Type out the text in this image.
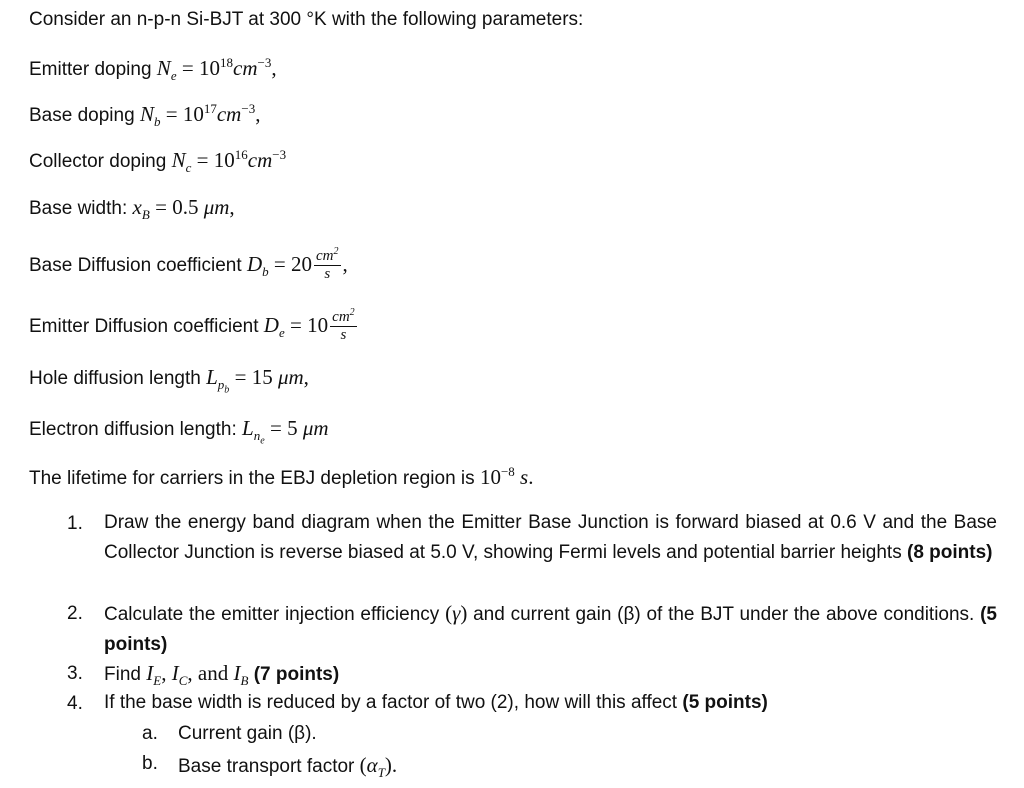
Consider an n-p-n Si-BJT at 300 °K with the following parameters:
Emitter doping $N_e = 10^{18}cm^{-3}$,
Base doping $N_b = 10^{17}cm^{-3}$,
Collector doping $N_c = 10^{16}cm^{-3}$
Base width: $x_B = 0.5$ μm,
Base Diffusion coefficient $D_b = 20 \frac{cm^2}{s}$ ,
Emitter Diffusion coefficient $D_e = 10 \frac{cm^2}{s}$
Hole diffusion length $L_{p_b} = 15$ μm,
Electron diffusion length: $L_{n_e} = 5$ μm
The lifetime for carriers in the EBJ depletion region is $10^{-8}$ s.
1. Draw the energy band diagram when the Emitter Base Junction is forward biased at 0.6 V and the Base Collector Junction is reverse biased at 5.0 V, showing Fermi levels and potential barrier heights (8 points)
2. Calculate the emitter injection efficiency (γ) and current gain (β) of the BJT under the above conditions. (5 points)
3. Find $I_E$, $I_C$, and $I_B$ (7 points)
4. If the base width is reduced by a factor of two (2), how will this affect (5 points)
a. Current gain (β).
b. Base transport factor $(\alpha_T)$.
